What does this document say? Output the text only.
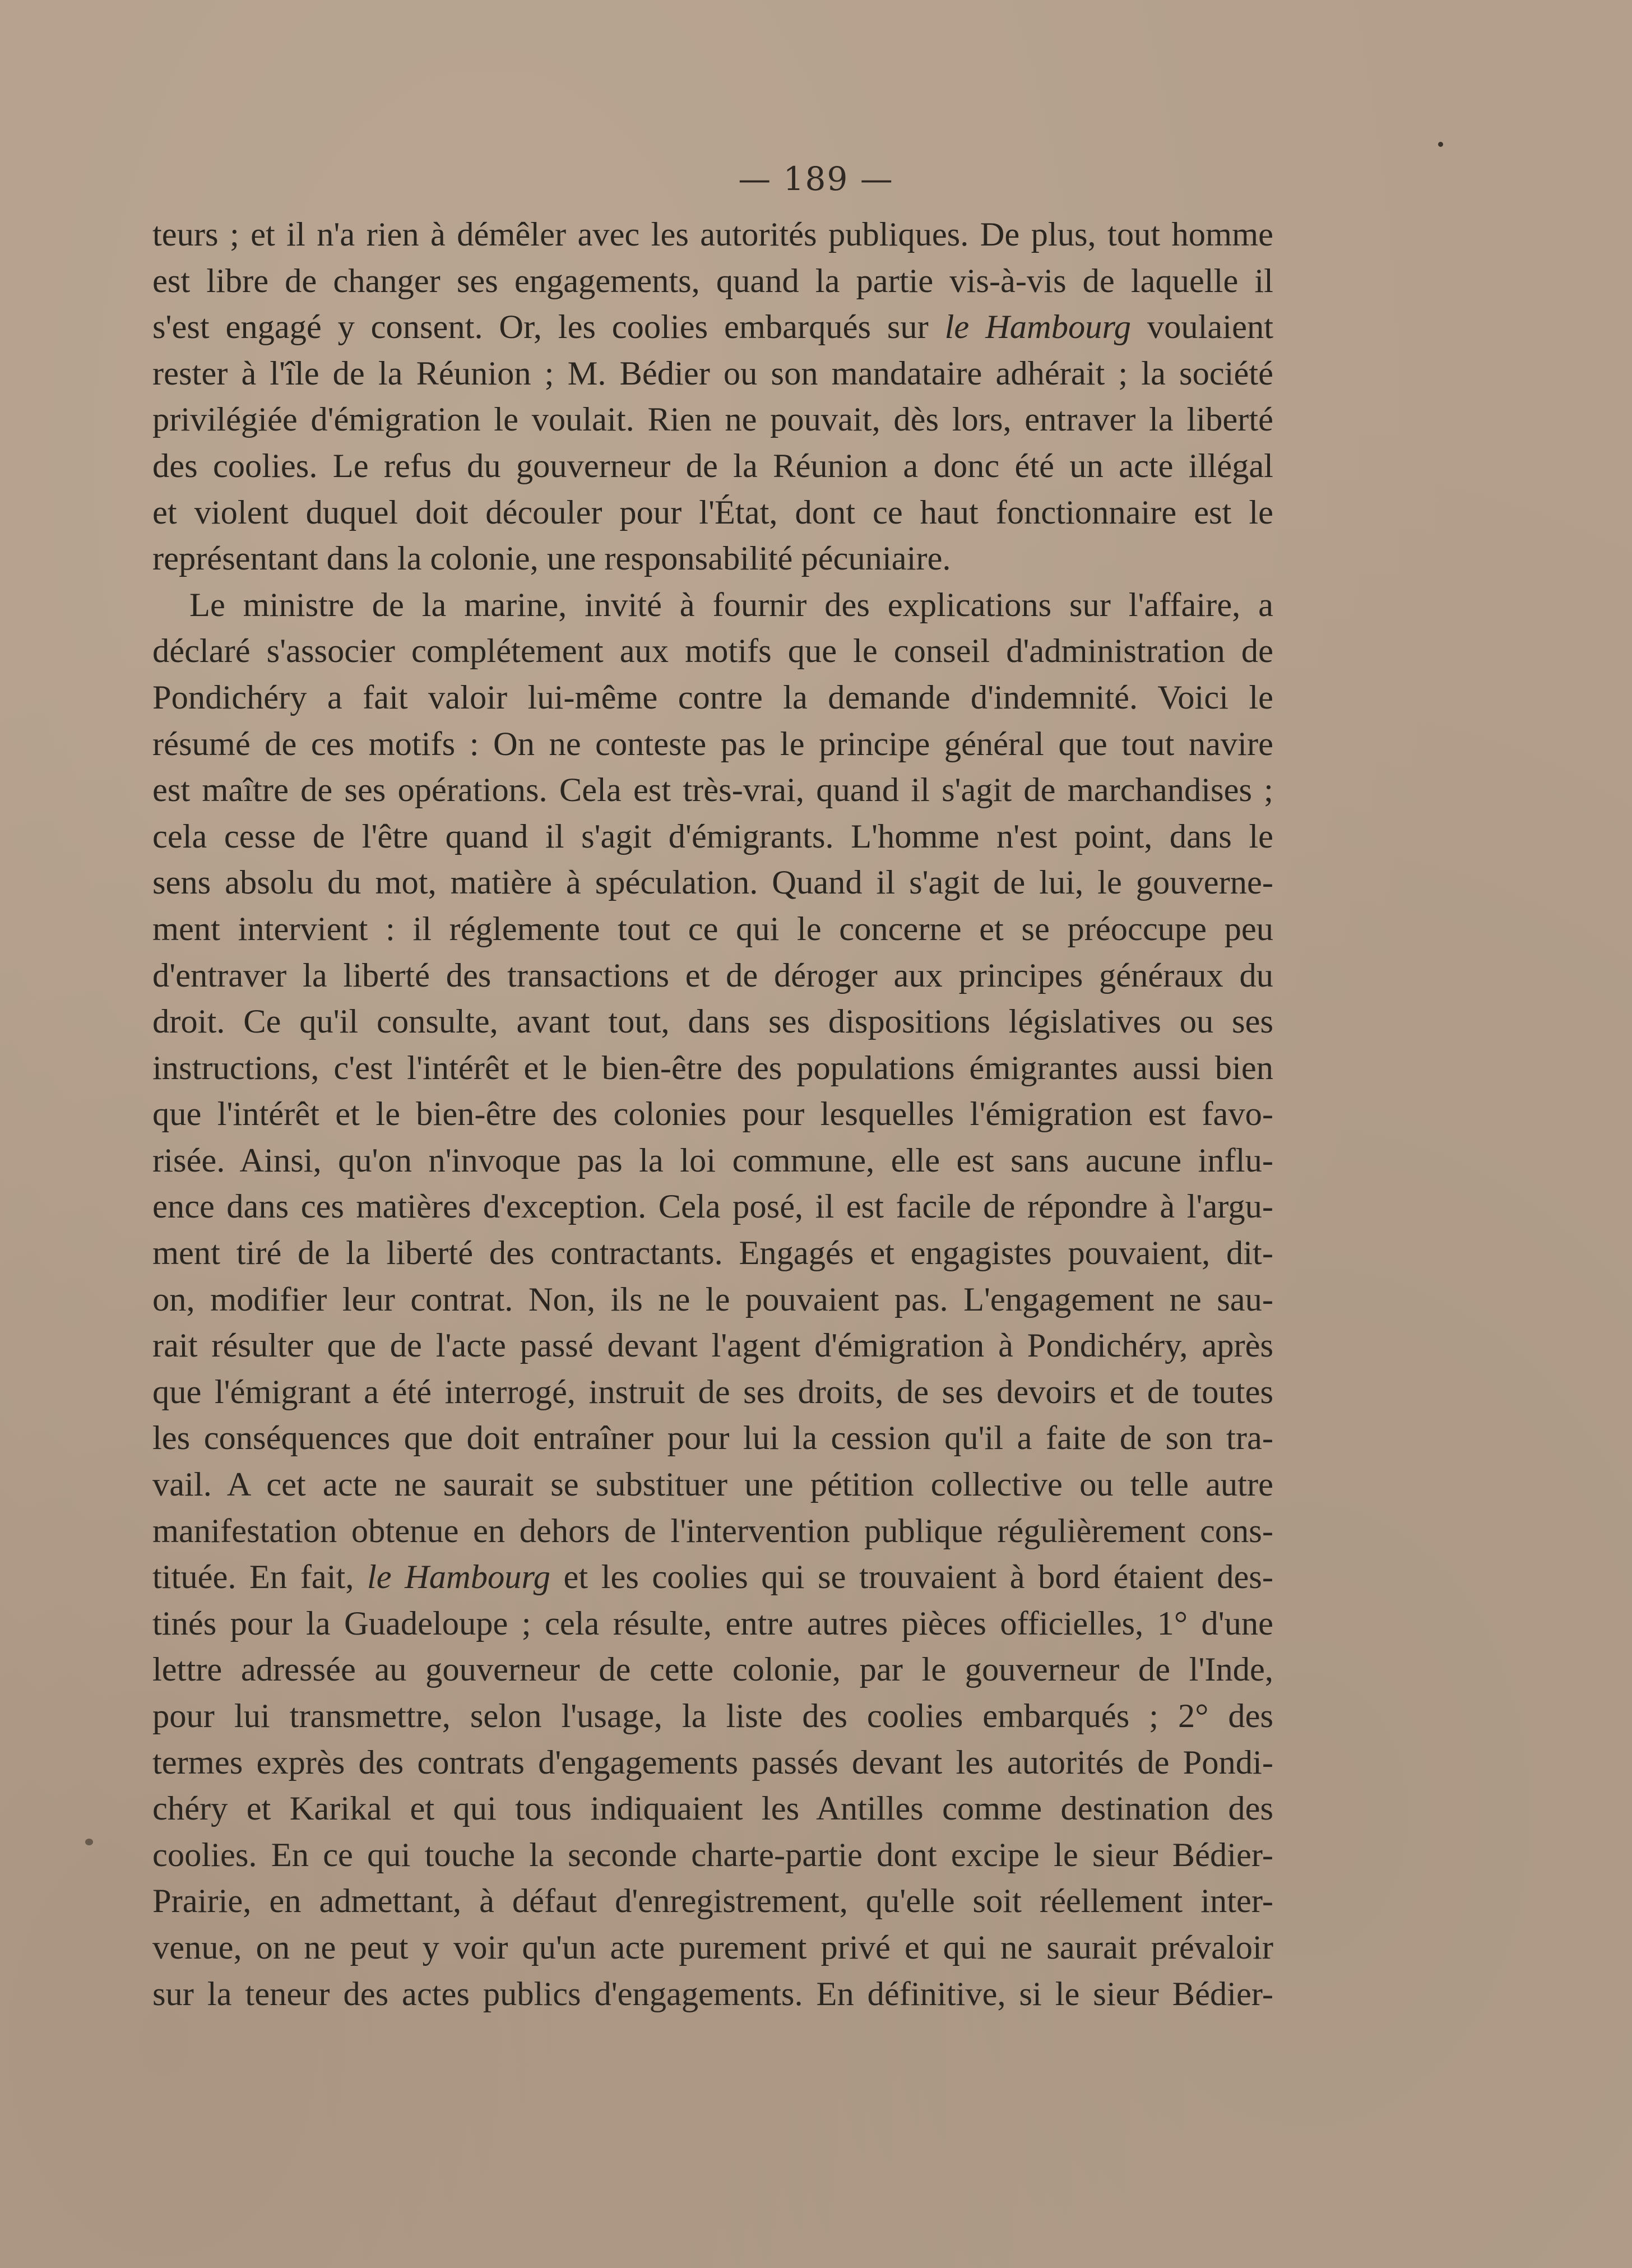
— 189 —
teurs ; et il n'a rien à démêler avec les autorités publiques. De plus, tout homme
est libre de changer ses engagements, quand la partie vis-à-vis de laquelle il
s'est engagé y consent. Or, les coolies embarqués sur le Hambourg voulaient
rester à l'île de la Réunion ; M. Bédier ou son mandataire adhérait ; la société
privilégiée d'émigration le voulait. Rien ne pouvait, dès lors, entraver la liberté
des coolies. Le refus du gouverneur de la Réunion a donc été un acte illégal
et violent duquel doit découler pour l'État, dont ce haut fonctionnaire est le
représentant dans la colonie, une responsabilité pécuniaire.
Le ministre de la marine, invité à fournir des explications sur l'affaire, a
déclaré s'associer complétement aux motifs que le conseil d'administration de
Pondichéry a fait valoir lui-même contre la demande d'indemnité. Voici le
résumé de ces motifs : On ne conteste pas le principe général que tout navire
est maître de ses opérations. Cela est très-vrai, quand il s'agit de marchandises ;
cela cesse de l'être quand il s'agit d'émigrants. L'homme n'est point, dans le
sens absolu du mot, matière à spéculation. Quand il s'agit de lui, le gouverne-
ment intervient : il réglemente tout ce qui le concerne et se préoccupe peu
d'entraver la liberté des transactions et de déroger aux principes généraux du
droit. Ce qu'il consulte, avant tout, dans ses dispositions législatives ou ses
instructions, c'est l'intérêt et le bien-être des populations émigrantes aussi bien
que l'intérêt et le bien-être des colonies pour lesquelles l'émigration est favo-
risée. Ainsi, qu'on n'invoque pas la loi commune, elle est sans aucune influ-
ence dans ces matières d'exception. Cela posé, il est facile de répondre à l'argu-
ment tiré de la liberté des contractants. Engagés et engagistes pouvaient, dit-
on, modifier leur contrat. Non, ils ne le pouvaient pas. L'engagement ne sau-
rait résulter que de l'acte passé devant l'agent d'émigration à Pondichéry, après
que l'émigrant a été interrogé, instruit de ses droits, de ses devoirs et de toutes
les conséquences que doit entraîner pour lui la cession qu'il a faite de son tra-
vail. A cet acte ne saurait se substituer une pétition collective ou telle autre
manifestation obtenue en dehors de l'intervention publique régulièrement cons-
tituée. En fait, le Hambourg et les coolies qui se trouvaient à bord étaient des-
tinés pour la Guadeloupe ; cela résulte, entre autres pièces officielles, 1° d'une
lettre adressée au gouverneur de cette colonie, par le gouverneur de l'Inde,
pour lui transmettre, selon l'usage, la liste des coolies embarqués ; 2° des
termes exprès des contrats d'engagements passés devant les autorités de Pondi-
chéry et Karikal et qui tous indiquaient les Antilles comme destination des
coolies. En ce qui touche la seconde charte-partie dont excipe le sieur Bédier-
Prairie, en admettant, à défaut d'enregistrement, qu'elle soit réellement inter-
venue, on ne peut y voir qu'un acte purement privé et qui ne saurait prévaloir
sur la teneur des actes publics d'engagements. En définitive, si le sieur Bédier-
